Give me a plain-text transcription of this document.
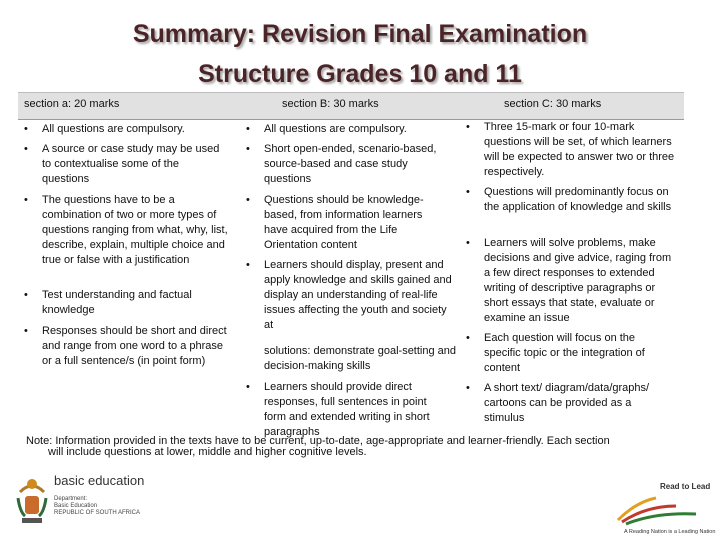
Summary: Revision Final Examination
Structure Grades 10 and 11
section a: 20 marks	section B: 30 marks	section C: 30 marks
•	All questions are compulsory.
•	A source or case study may be used to contextualise some of the questions
•	The questions have to be a combination of two or more types of questions ranging from what, why, list, describe, explain, multiple choice and true or false with a justification
•	Test understanding and factual knowledge
•	Responses should be short and direct and range from one word to a phrase or a full sentence/s (in point form)
•	All questions are compulsory.
•	Short open-ended, scenario-based, source-based and case study questions
•	Questions should be knowledge-based, from information learners have acquired from the Life Orientation content
•	Learners should display, present and apply knowledge and skills gained and display an understanding of real-life issues affecting the youth and society at
solutions: demonstrate goal-setting and decision-making skills
•	Learners should provide direct responses, full sentences in point form and extended writing in short paragraphs
•	Three 15-mark or four 10-mark questions will be set, of which learners will be expected to answer two or three respectively.
•	Questions will predominantly focus on the application of knowledge and skills
•	Learners will solve problems, make decisions and give advice, raging from a few direct responses to extended writing of descriptive paragraphs or short essays that state, evaluate or examine an issue
•	Each question will focus on the specific topic or the integration of content
•	A short text/ diagram/data/graphs/ cartoons can be provided as a stimulus
Note: Information provided in the texts have to be current, up-to-date, age-appropriate and learner-friendly. Each section
will include questions at lower, middle and higher cognitive levels.
basic education
Department:
Basic Education
REPUBLIC OF SOUTH AFRICA
Read to Lead
A Reading Nation is a Leading Nation
